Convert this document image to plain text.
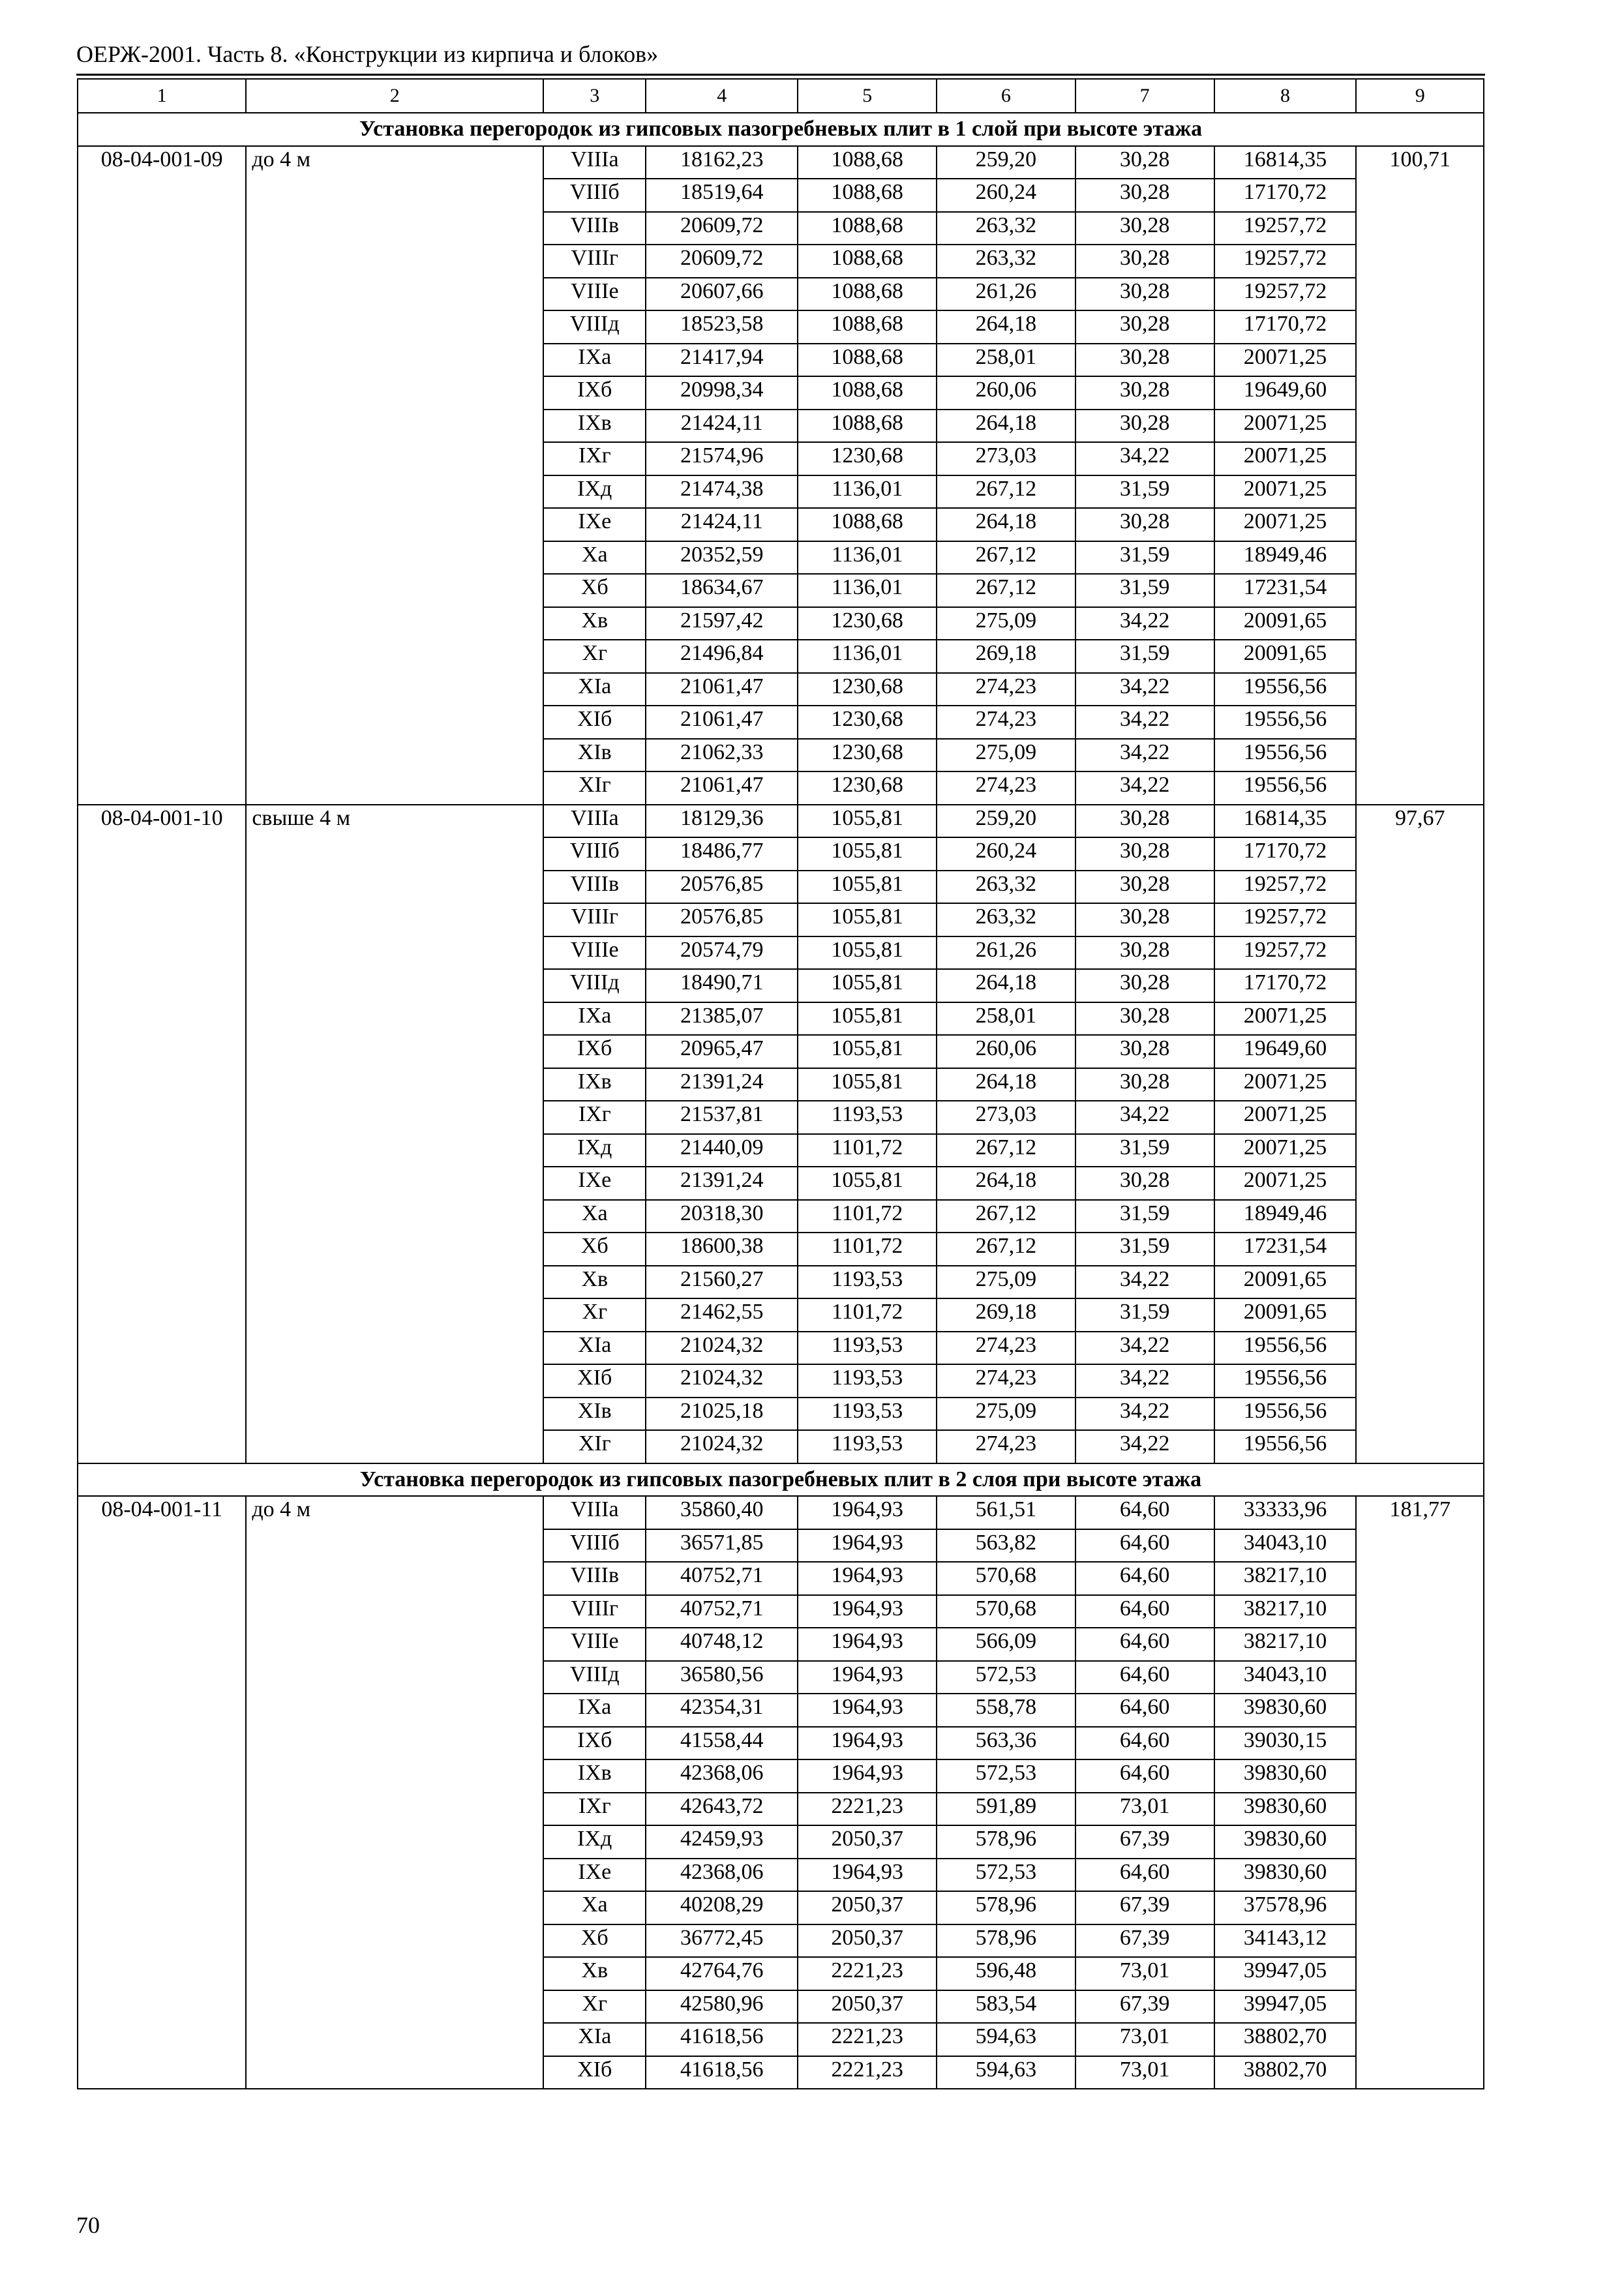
ОЕРЖ-2001. Часть 8. «Конструкции из кирпича и блоков»
1	2	3	4	5	6	7	8	9
Установка перегородок из гипсовых пазогребневых плит в 1 слой при высоте этажа								
08-04-001-09	до 4 м	VIIIа	18162,23	1088,68	259,20	30,28	16814,35	100,71
		VIIIб	18519,64	1088,68	260,24	30,28	17170,72	
		VIIIв	20609,72	1088,68	263,32	30,28	19257,72	
		VIIIг	20609,72	1088,68	263,32	30,28	19257,72	
		VIIIе	20607,66	1088,68	261,26	30,28	19257,72	
		VIIIд	18523,58	1088,68	264,18	30,28	17170,72	
		IXа	21417,94	1088,68	258,01	30,28	20071,25	
		IXб	20998,34	1088,68	260,06	30,28	19649,60	
		IXв	21424,11	1088,68	264,18	30,28	20071,25	
		IXг	21574,96	1230,68	273,03	34,22	20071,25	
		IXд	21474,38	1136,01	267,12	31,59	20071,25	
		IXе	21424,11	1088,68	264,18	30,28	20071,25	
		Xа	20352,59	1136,01	267,12	31,59	18949,46	
		Xб	18634,67	1136,01	267,12	31,59	17231,54	
		Xв	21597,42	1230,68	275,09	34,22	20091,65	
		Xг	21496,84	1136,01	269,18	31,59	20091,65	
		XIа	21061,47	1230,68	274,23	34,22	19556,56	
		XIб	21061,47	1230,68	274,23	34,22	19556,56	
		XIв	21062,33	1230,68	275,09	34,22	19556,56	
		XIг	21061,47	1230,68	274,23	34,22	19556,56	
08-04-001-10	свыше 4 м	VIIIа	18129,36	1055,81	259,20	30,28	16814,35	97,67
		VIIIб	18486,77	1055,81	260,24	30,28	17170,72	
		VIIIв	20576,85	1055,81	263,32	30,28	19257,72	
		VIIIг	20576,85	1055,81	263,32	30,28	19257,72	
		VIIIе	20574,79	1055,81	261,26	30,28	19257,72	
		VIIIд	18490,71	1055,81	264,18	30,28	17170,72	
		IXа	21385,07	1055,81	258,01	30,28	20071,25	
		IXб	20965,47	1055,81	260,06	30,28	19649,60	
		IXв	21391,24	1055,81	264,18	30,28	20071,25	
		IXг	21537,81	1193,53	273,03	34,22	20071,25	
		IXд	21440,09	1101,72	267,12	31,59	20071,25	
		IXе	21391,24	1055,81	264,18	30,28	20071,25	
		Xа	20318,30	1101,72	267,12	31,59	18949,46	
		Xб	18600,38	1101,72	267,12	31,59	17231,54	
		Xв	21560,27	1193,53	275,09	34,22	20091,65	
		Xг	21462,55	1101,72	269,18	31,59	20091,65	
		XIа	21024,32	1193,53	274,23	34,22	19556,56	
		XIб	21024,32	1193,53	274,23	34,22	19556,56	
		XIв	21025,18	1193,53	275,09	34,22	19556,56	
		XIг	21024,32	1193,53	274,23	34,22	19556,56	
Установка перегородок из гипсовых пазогребневых плит в 2 слоя при высоте этажа								
08-04-001-11	до 4 м	VIIIа	35860,40	1964,93	561,51	64,60	33333,96	181,77
		VIIIб	36571,85	1964,93	563,82	64,60	34043,10	
		VIIIв	40752,71	1964,93	570,68	64,60	38217,10	
		VIIIг	40752,71	1964,93	570,68	64,60	38217,10	
		VIIIе	40748,12	1964,93	566,09	64,60	38217,10	
		VIIIд	36580,56	1964,93	572,53	64,60	34043,10	
		IXа	42354,31	1964,93	558,78	64,60	39830,60	
		IXб	41558,44	1964,93	563,36	64,60	39030,15	
		IXв	42368,06	1964,93	572,53	64,60	39830,60	
		IXг	42643,72	2221,23	591,89	73,01	39830,60	
		IXд	42459,93	2050,37	578,96	67,39	39830,60	
		IXе	42368,06	1964,93	572,53	64,60	39830,60	
		Xа	40208,29	2050,37	578,96	67,39	37578,96	
		Xб	36772,45	2050,37	578,96	67,39	34143,12	
		Xв	42764,76	2221,23	596,48	73,01	39947,05	
		Xг	42580,96	2050,37	583,54	67,39	39947,05	
		XIа	41618,56	2221,23	594,63	73,01	38802,70	
		XIб	41618,56	2221,23	594,63	73,01	38802,70	
70
